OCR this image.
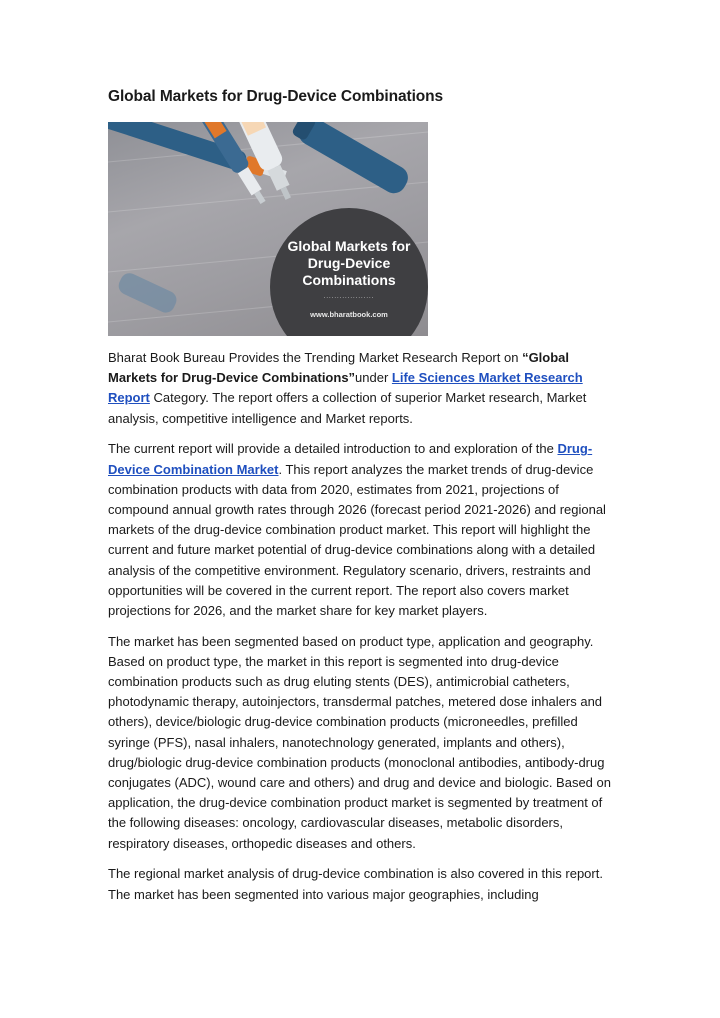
Global Markets for Drug-Device Combinations
Global Markets for Drug-Device Combinations
...................
www.bharatbook.com

Bharat Book Bureau Provides the Trending Market Research Report on “Global Markets for Drug-Device Combinations”under Life Sciences Market Research Report Category. The report offers a collection of superior Market research, Market analysis, competitive intelligence and Market reports.

The current report will provide a detailed introduction to and exploration of the Drug-Device Combination Market. This report analyzes the market trends of drug-device combination products with data from 2020, estimates from 2021, projections of compound annual growth rates through 2026 (forecast period 2021-2026) and regional markets of the drug-device combination product market. This report will highlight the current and future market potential of drug-device combinations along with a detailed analysis of the competitive environment. Regulatory scenario, drivers, restraints and opportunities will be covered in the current report. The report also covers market projections for 2026, and the market share for key market players.

The market has been segmented based on product type, application and geography. Based on product type, the market in this report is segmented into drug-device combination products such as drug eluting stents (DES), antimicrobial catheters, photodynamic therapy, autoinjectors, transdermal patches, metered dose inhalers and others), device/biologic drug-device combination products (microneedles, prefilled syringe (PFS), nasal inhalers, nanotechnology generated, implants and others), drug/biologic drug-device combination products (monoclonal antibodies, antibody-drug conjugates (ADC), wound care and others) and drug and device and biologic. Based on application, the drug-device combination product market is segmented by treatment of the following diseases: oncology, cardiovascular diseases, metabolic disorders, respiratory diseases, orthopedic diseases and others.

The regional market analysis of drug-device combination is also covered in this report. The market has been segmented into various major geographies, including
